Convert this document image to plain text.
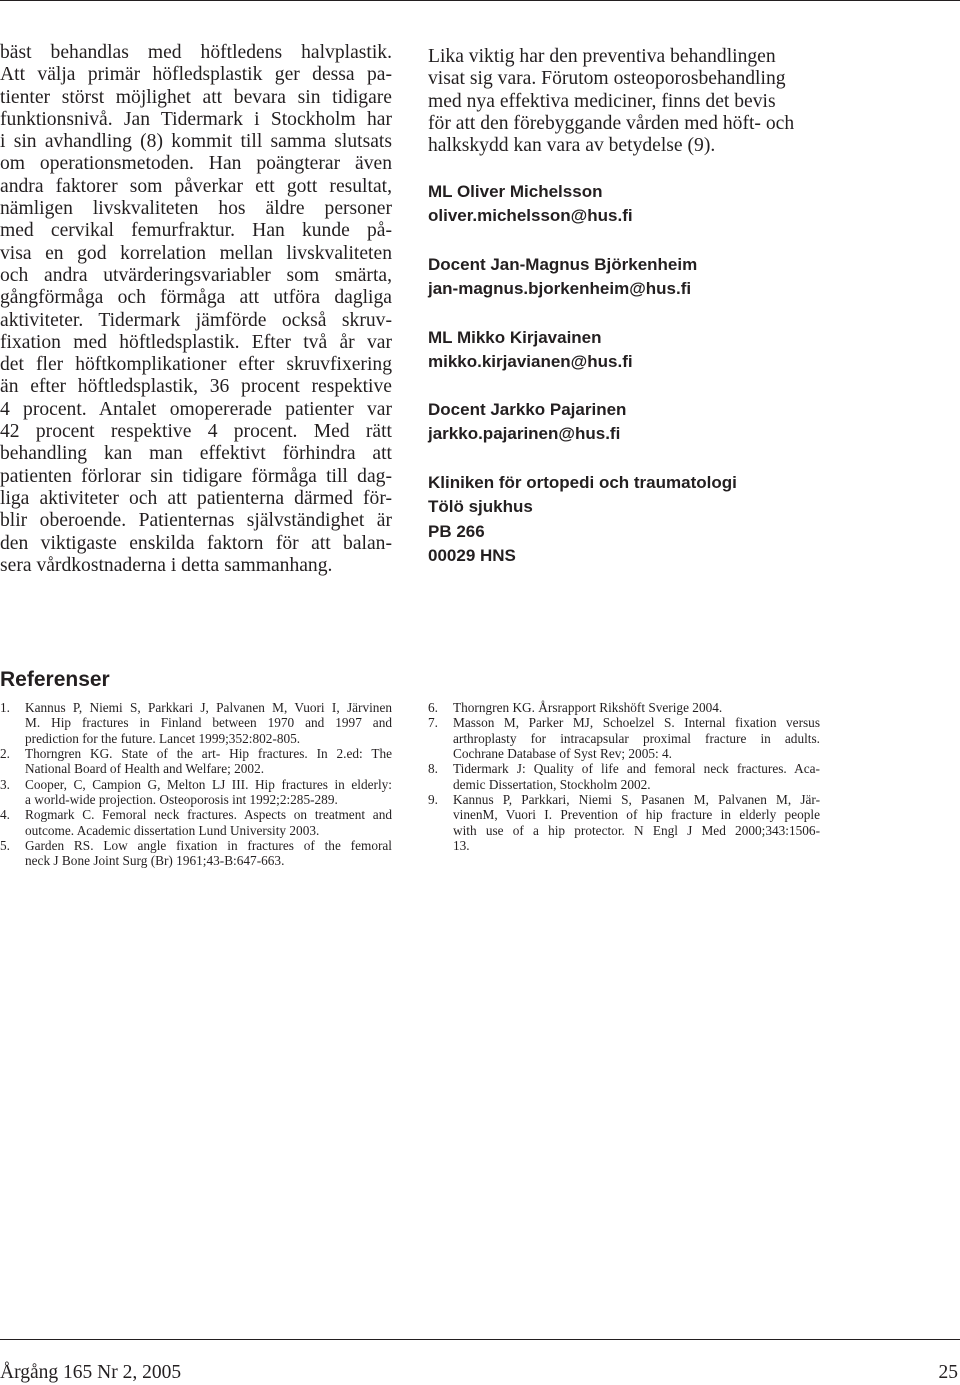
bäst behandlas med höftledens halvplastik.
Att välja primär höfledsplastik ger dessa pa-
tienter störst möjlighet att bevara sin tidigare
funktionsnivå. Jan Tidermark i Stockholm har
i sin avhandling (8) kommit till samma slutsats
om operationsmetoden. Han poängterar även
andra faktorer som påverkar ett gott resultat,
nämligen livskvaliteten hos äldre personer
med cervikal femurfraktur. Han kunde på-
visa en god korrelation mellan livskvaliteten
och andra utvärderingsvariabler som smärta,
gångförmåga och förmåga att utföra dagliga
aktiviteter. Tidermark jämförde också skruv-
fixation med höftledsplastik. Efter två år var
det fler höftkomplikationer efter skruvfixering
än efter höftledsplastik, 36 procent respektive
4 procent. Antalet omopererade patienter var
42 procent respektive 4 procent. Med rätt
behandling kan man effektivt förhindra att
patienten förlorar sin tidigare förmåga till dag-
liga aktiviteter och att patienterna därmed för-
blir oberoende. Patienternas självständighet är
den viktigaste enskilda faktorn för att balan-
sera vårdkostnaderna i detta sammanhang.
Lika viktig har den preventiva behandlingen
visat sig vara. Förutom osteoporosbehandling
med nya effektiva mediciner, finns det bevis
för att den förebyggande vården med höft- och
halkskydd kan vara av betydelse (9).
ML Oliver Michelsson
oliver.michelsson@hus.fi
Docent Jan-Magnus Björkenheim
jan-magnus.bjorkenheim@hus.fi
ML Mikko Kirjavainen
mikko.kirjavianen@hus.fi
Docent Jarkko Pajarinen
jarkko.pajarinen@hus.fi
Kliniken för ortopedi och traumatologi
Tölö sjukhus
PB 266
00029 HNS
Referenser
1.	Kannus P, Niemi S, Parkkari J, Palvanen M, Vuori I, Järvinen
M. Hip fractures in Finland between 1970 and 1997 and
prediction for the future. Lancet 1999;352:802-805.
2.	Thorngren KG. State of the art- Hip fractures. In 2.ed: The
National Board of Health and Welfare; 2002.
3.	Cooper, C, Campion G, Melton LJ III. Hip fractures in elderly:
a world-wide projection. Osteoporosis int 1992;2:285-289.
4.	Rogmark C. Femoral neck fractures. Aspects on treatment and
outcome. Academic dissertation Lund University 2003.
5.	Garden RS. Low angle fixation in fractures of the femoral
neck J Bone Joint Surg (Br) 1961;43-B:647-663.
6.	Thorngren KG. Årsrapport Rikshöft Sverige 2004.
7.	Masson M, Parker MJ, Schoelzel S. Internal fixation versus
arthroplasty for intracapsular proximal fracture in adults.
Cochrane Database of Syst Rev; 2005: 4.
8.	Tidermark J: Quality of life and femoral neck fractures. Aca-
demic Dissertation, Stockholm 2002.
9.	Kannus P, Parkkari, Niemi S, Pasanen M, Palvanen M, Jär-
vinenM, Vuori I. Prevention of hip fracture in elderly people
with use of a hip protector. N Engl J Med 2000;343:1506-
13.
Årgång 165 Nr 2, 2005	25
